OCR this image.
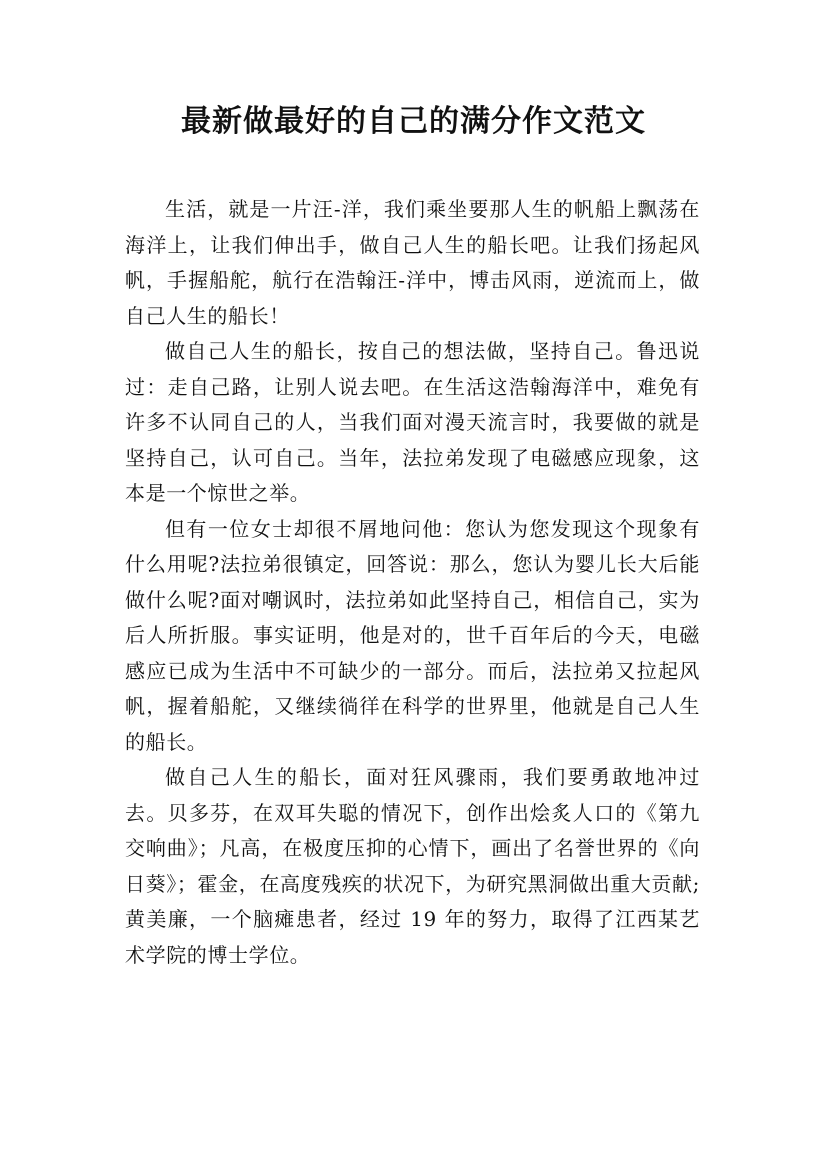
最新做最好的自己的满分作文范文

生活，就是一片汪-洋，我们乘坐要那人生的帆船上飘荡在海洋上，让我们伸出手，做自己人生的船长吧。让我们扬起风帆，手握船舵，航行在浩翰汪-洋中，博击风雨，逆流而上，做自己人生的船长！

做自己人生的船长，按自己的想法做，坚持自己。鲁迅说过：走自己路，让别人说去吧。在生活这浩翰海洋中，难免有许多不认同自己的人，当我们面对漫天流言时，我要做的就是坚持自己，认可自己。当年，法拉弟发现了电磁感应现象，这本是一个惊世之举。

但有一位女士却很不屑地问他：您认为您发现这个现象有什么用呢?法拉弟很镇定，回答说：那么，您认为婴儿长大后能做什么呢?面对嘲讽时，法拉弟如此坚持自己，相信自己，实为后人所折服。事实证明，他是对的，世千百年后的今天，电磁感应已成为生活中不可缺少的一部分。而后，法拉弟又拉起风帆，握着船舵，又继续徜徉在科学的世界里，他就是自己人生的船长。

做自己人生的船长，面对狂风骤雨，我们要勇敢地冲过去。贝多芬，在双耳失聪的情况下，创作出烩炙人口的《第九交响曲》；凡高，在极度压抑的心情下，画出了名誉世界的《向日葵》；霍金，在高度残疾的状况下，为研究黑洞做出重大贡献;黄美廉，一个脑瘫患者，经过 19 年的努力，取得了江西某艺术学院的博士学位。
